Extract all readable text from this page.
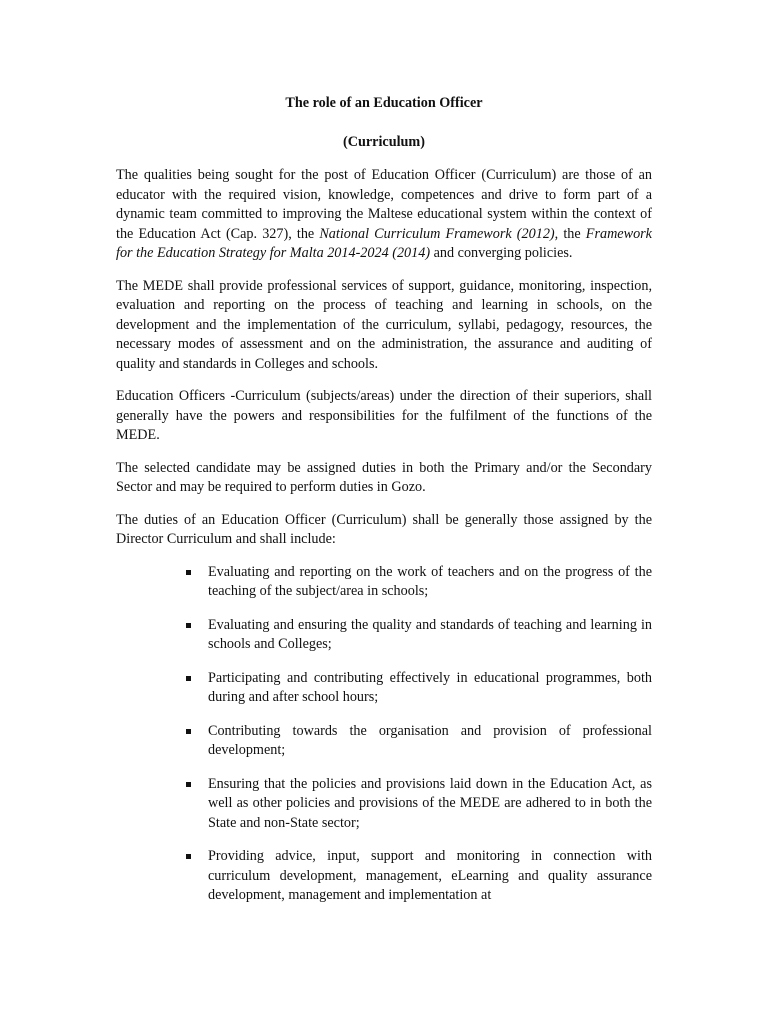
The role of an Education Officer

(Curriculum)

The qualities being sought for the post of Education Officer (Curriculum) are those of an educator with the required vision, knowledge, competences and drive to form part of a dynamic team committed to improving the Maltese educational system within the context of the Education Act (Cap. 327), the National Curriculum Framework (2012), the Framework for the Education Strategy for Malta 2014-2024 (2014) and converging policies.

The MEDE shall provide professional services of support, guidance, monitoring, inspection, evaluation and reporting on the process of teaching and learning in schools, on the development and the implementation of the curriculum, syllabi, pedagogy, resources, the necessary modes of assessment and on the administration, the assurance and auditing of quality and standards in Colleges and schools.

Education Officers -Curriculum (subjects/areas) under the direction of their superiors, shall generally have the powers and responsibilities for the fulfilment of the functions of the MEDE.

The selected candidate may be assigned duties in both the Primary and/or the Secondary Sector and may be required to perform duties in Gozo.

The duties of an Education Officer (Curriculum) shall be generally those assigned by the Director Curriculum and shall include:

Evaluating and reporting on the work of teachers and on the progress of the teaching of the subject/area in schools;
Evaluating and ensuring the quality and standards of teaching and learning in schools and Colleges;
Participating and contributing effectively in educational programmes, both during and after school hours;
Contributing towards the organisation and provision of professional development;
Ensuring that the policies and provisions laid down in the Education Act, as well as other policies and provisions of the MEDE are adhered to in both the State and non-State sector;
Providing advice, input, support and monitoring in connection with curriculum development, management, eLearning and quality assurance development, management and implementation at
